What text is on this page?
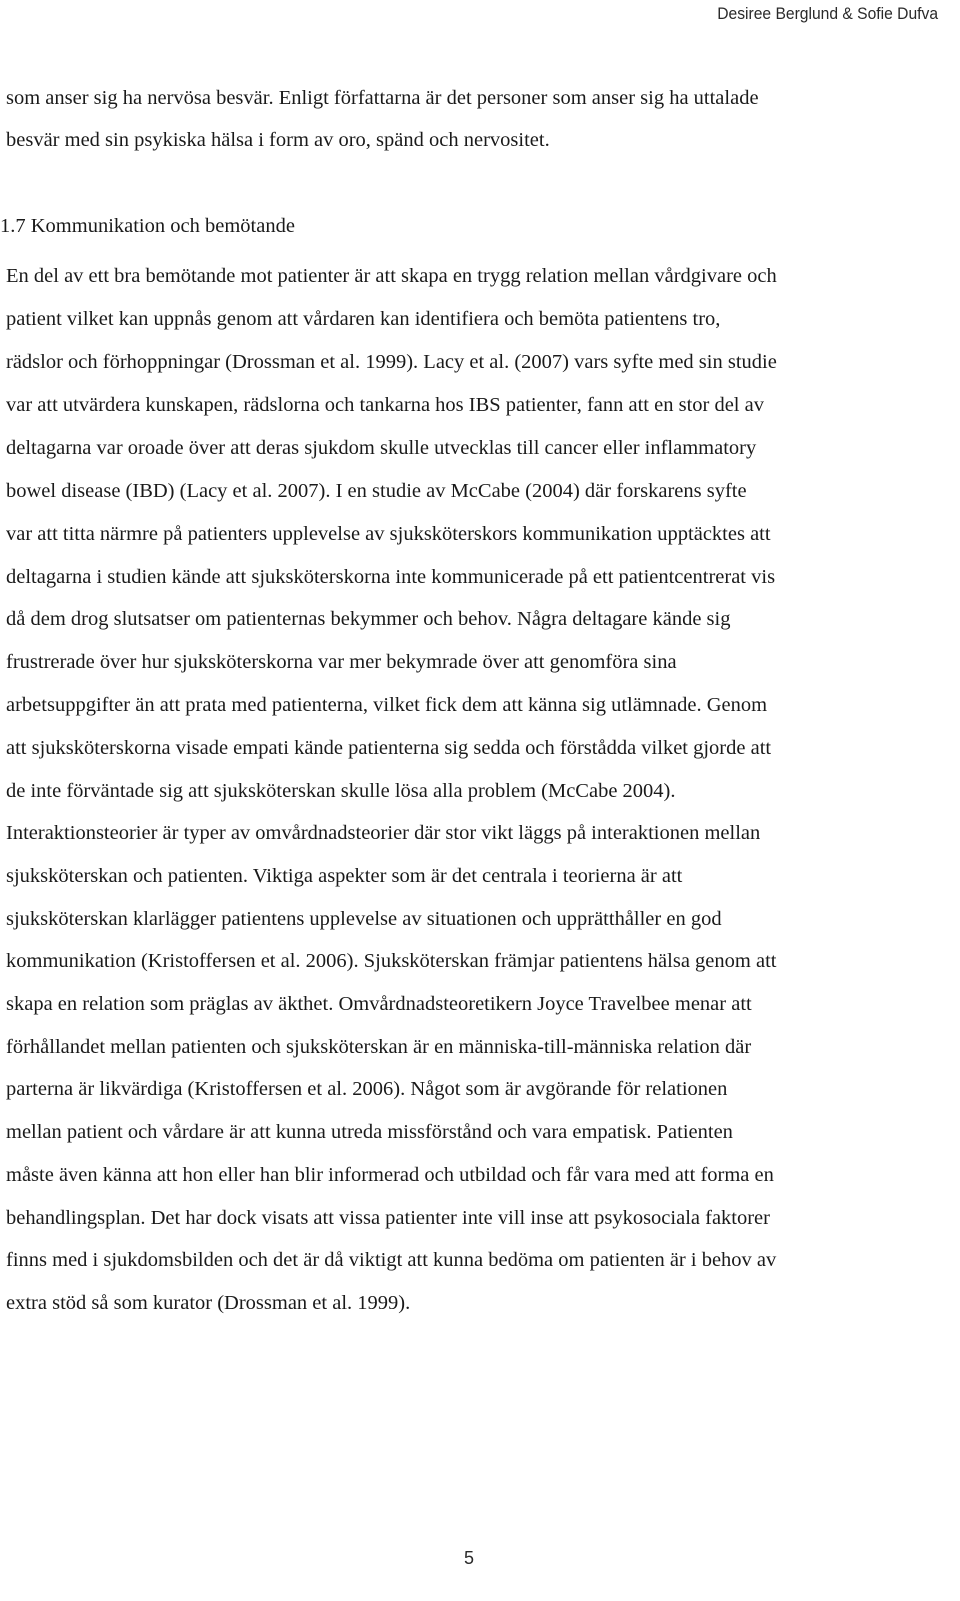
Desiree Berglund & Sofie Dufva
som anser sig ha nervösa besvär. Enligt författarna är det personer som anser sig ha uttalade
besvär med sin psykiska hälsa i form av oro, spänd och nervositet.
1.7 Kommunikation och bemötande
En del av ett bra bemötande mot patienter är att skapa en trygg relation mellan vårdgivare och
patient vilket kan uppnås genom att vårdaren kan identifiera och bemöta patientens tro,
rädslor och förhoppningar (Drossman et al. 1999). Lacy et al. (2007) vars syfte med sin studie
var att utvärdera kunskapen, rädslorna och tankarna hos IBS patienter, fann att en stor del av
deltagarna var oroade över att deras sjukdom skulle utvecklas till cancer eller inflammatory
bowel disease (IBD) (Lacy et al. 2007). I en studie av McCabe (2004) där forskarens syfte
var att titta närmre på patienters upplevelse av sjuksköterskors kommunikation upptäcktes att
deltagarna i studien kände att sjuksköterskorna inte kommunicerade på ett patientcentrerat vis
då dem drog slutsatser om patienternas bekymmer och behov. Några deltagare kände sig
frustrerade över hur sjuksköterskorna var mer bekymrade över att genomföra sina
arbetsuppgifter än att prata med patienterna, vilket fick dem att känna sig utlämnade. Genom
att sjuksköterskorna visade empati kände patienterna sig sedda och förstådda vilket gjorde att
de inte förväntade sig att sjuksköterskan skulle lösa alla problem (McCabe 2004).
Interaktionsteorier är typer av omvårdnadsteorier där stor vikt läggs på interaktionen mellan
sjuksköterskan och patienten. Viktiga aspekter som är det centrala i teorierna är att
sjuksköterskan klarlägger patientens upplevelse av situationen och upprätthåller en god
kommunikation (Kristoffersen et al. 2006). Sjuksköterskan främjar patientens hälsa genom att
skapa en relation som präglas av äkthet. Omvårdnadsteoretikern Joyce Travelbee menar att
förhållandet mellan patienten och sjuksköterskan är en människa-till-människa relation där
parterna är likvärdiga (Kristoffersen et al. 2006). Något som är avgörande för relationen
mellan patient och vårdare är att kunna utreda missförstånd och vara empatisk. Patienten
måste även känna att hon eller han blir informerad och utbildad och får vara med att forma en
behandlingsplan. Det har dock visats att vissa patienter inte vill inse att psykosociala faktorer
finns med i sjukdomsbilden och det är då viktigt att kunna bedöma om patienten är i behov av
extra stöd så som kurator (Drossman et al. 1999).
5
